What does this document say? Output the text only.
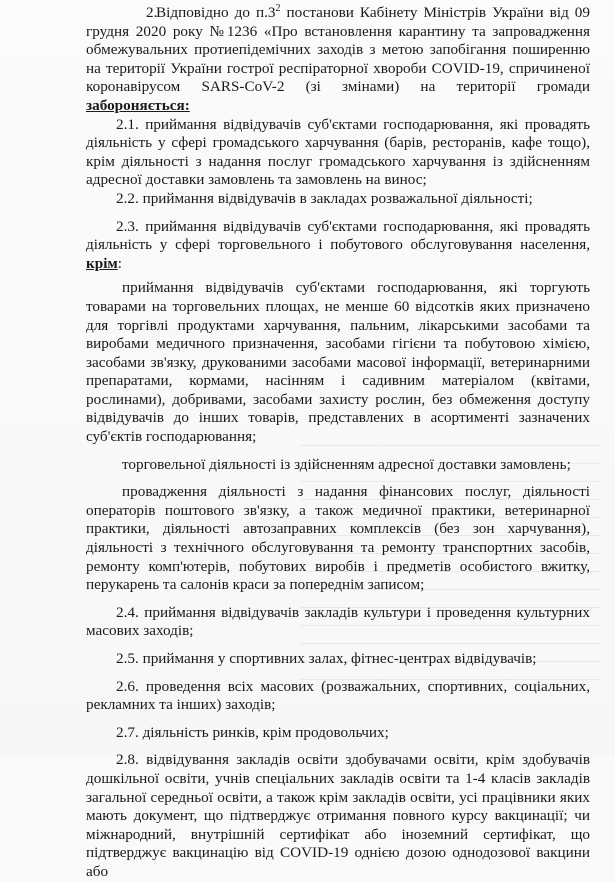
2.Відповідно до $п.3^2$ постанови Кабінету Міністрів України від 09 грудня 2020 року №1236 «Про встановлення карантину та запровадження обмежувальних протиепідемічних заходів з метою запобігання поширенню на території України гострої респіраторної хвороби COVID-19, спричиненої коронавірусом SARS-CoV-2 (зі змінами) на території громади забороняється:

2.1. приймання відвідувачів суб'єктами господарювання, які провадять діяльність у сфері громадського харчування (барів, ресторанів, кафе тощо), крім діяльності з надання послуг громадського харчування із здійсненням адресної доставки замовлень та замовлень на винос;

2.2. приймання відвідувачів в закладах розважальної діяльності;

2.3. приймання відвідувачів суб'єктами господарювання, які провадять діяльність у сфері торговельного і побутового обслуговування населення, крім:

приймання відвідувачів суб'єктами господарювання, які торгують товарами на торговельних площах, не менше 60 відсотків яких призначено для торгівлі продуктами харчування, пальним, лікарськими засобами та виробами медичного призначення, засобами гігієни та побутовою хімією, засобами зв'язку, друкованими засобами масової інформації, ветеринарними препаратами, кормами, насінням і садивним матеріалом (квітами, рослинами), добривами, засобами захисту рослин, без обмеження доступу відвідувачів до інших товарів, представлених в асортименті зазначених суб'єктів господарювання;

торговельної діяльності із здійсненням адресної доставки замовлень;

провадження діяльності з надання фінансових послуг, діяльності операторів поштового зв'язку, а також медичної практики, ветеринарної практики, діяльності автозаправних комплексів (без зон харчування), діяльності з технічного обслуговування та ремонту транспортних засобів, ремонту комп'ютерів, побутових виробів і предметів особистого вжитку, перукарень та салонів краси за попереднім записом;

2.4. приймання відвідувачів закладів культури і проведення культурних масових заходів;

2.5. приймання у спортивних залах, фітнес-центрах відвідувачів;

2.6. проведення всіх масових (розважальних, спортивних, соціальних, рекламних та інших) заходів;

2.7. діяльність ринків, крім продовольчих;

2.8. відвідування закладів освіти здобувачами освіти, крім здобувачів дошкільної освіти, учнів спеціальних закладів освіти та 1-4 класів закладів загальної середньої освіти, а також крім закладів освіти, усі працівники яких мають документ, що підтверджує отримання повного курсу вакцинації; чи міжнародний, внутрішній сертифікат або іноземний сертифікат, що підтверджує вакцинацію від COVID-19 однією дозою однодозової вакцини або
